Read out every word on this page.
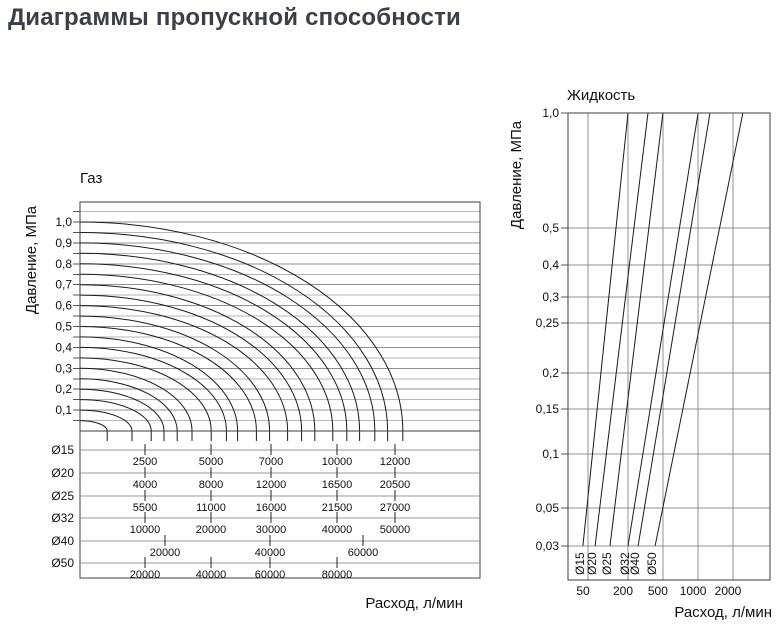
Диаграммы пропускной способности
Газ
Давление, МПа
Расход, л/мин
0,1
0,2
0,3
0,4
0,5
0,6
0,7
0,8
0,9
1,0
Ø15
2500	5000	7000	10000 12000
Ø20
4000	8000	12000	16500 20500
Ø25
5500	11000	16000	21500 27000
Ø32
10000	20000	30000	40000 50000
Ø40
20000	40000	60000
Ø50
20000	40000	60000	80000
Жидкость
Давление, МПа
Расход, л/мин
50 200 500 1000 2000
1,0
0,5
0,4
0,3
0,25
0,2
0,15
0,1
0,05
0,03
Ø15
Ø20 Ø25 Ø32
Ø40 Ø50
